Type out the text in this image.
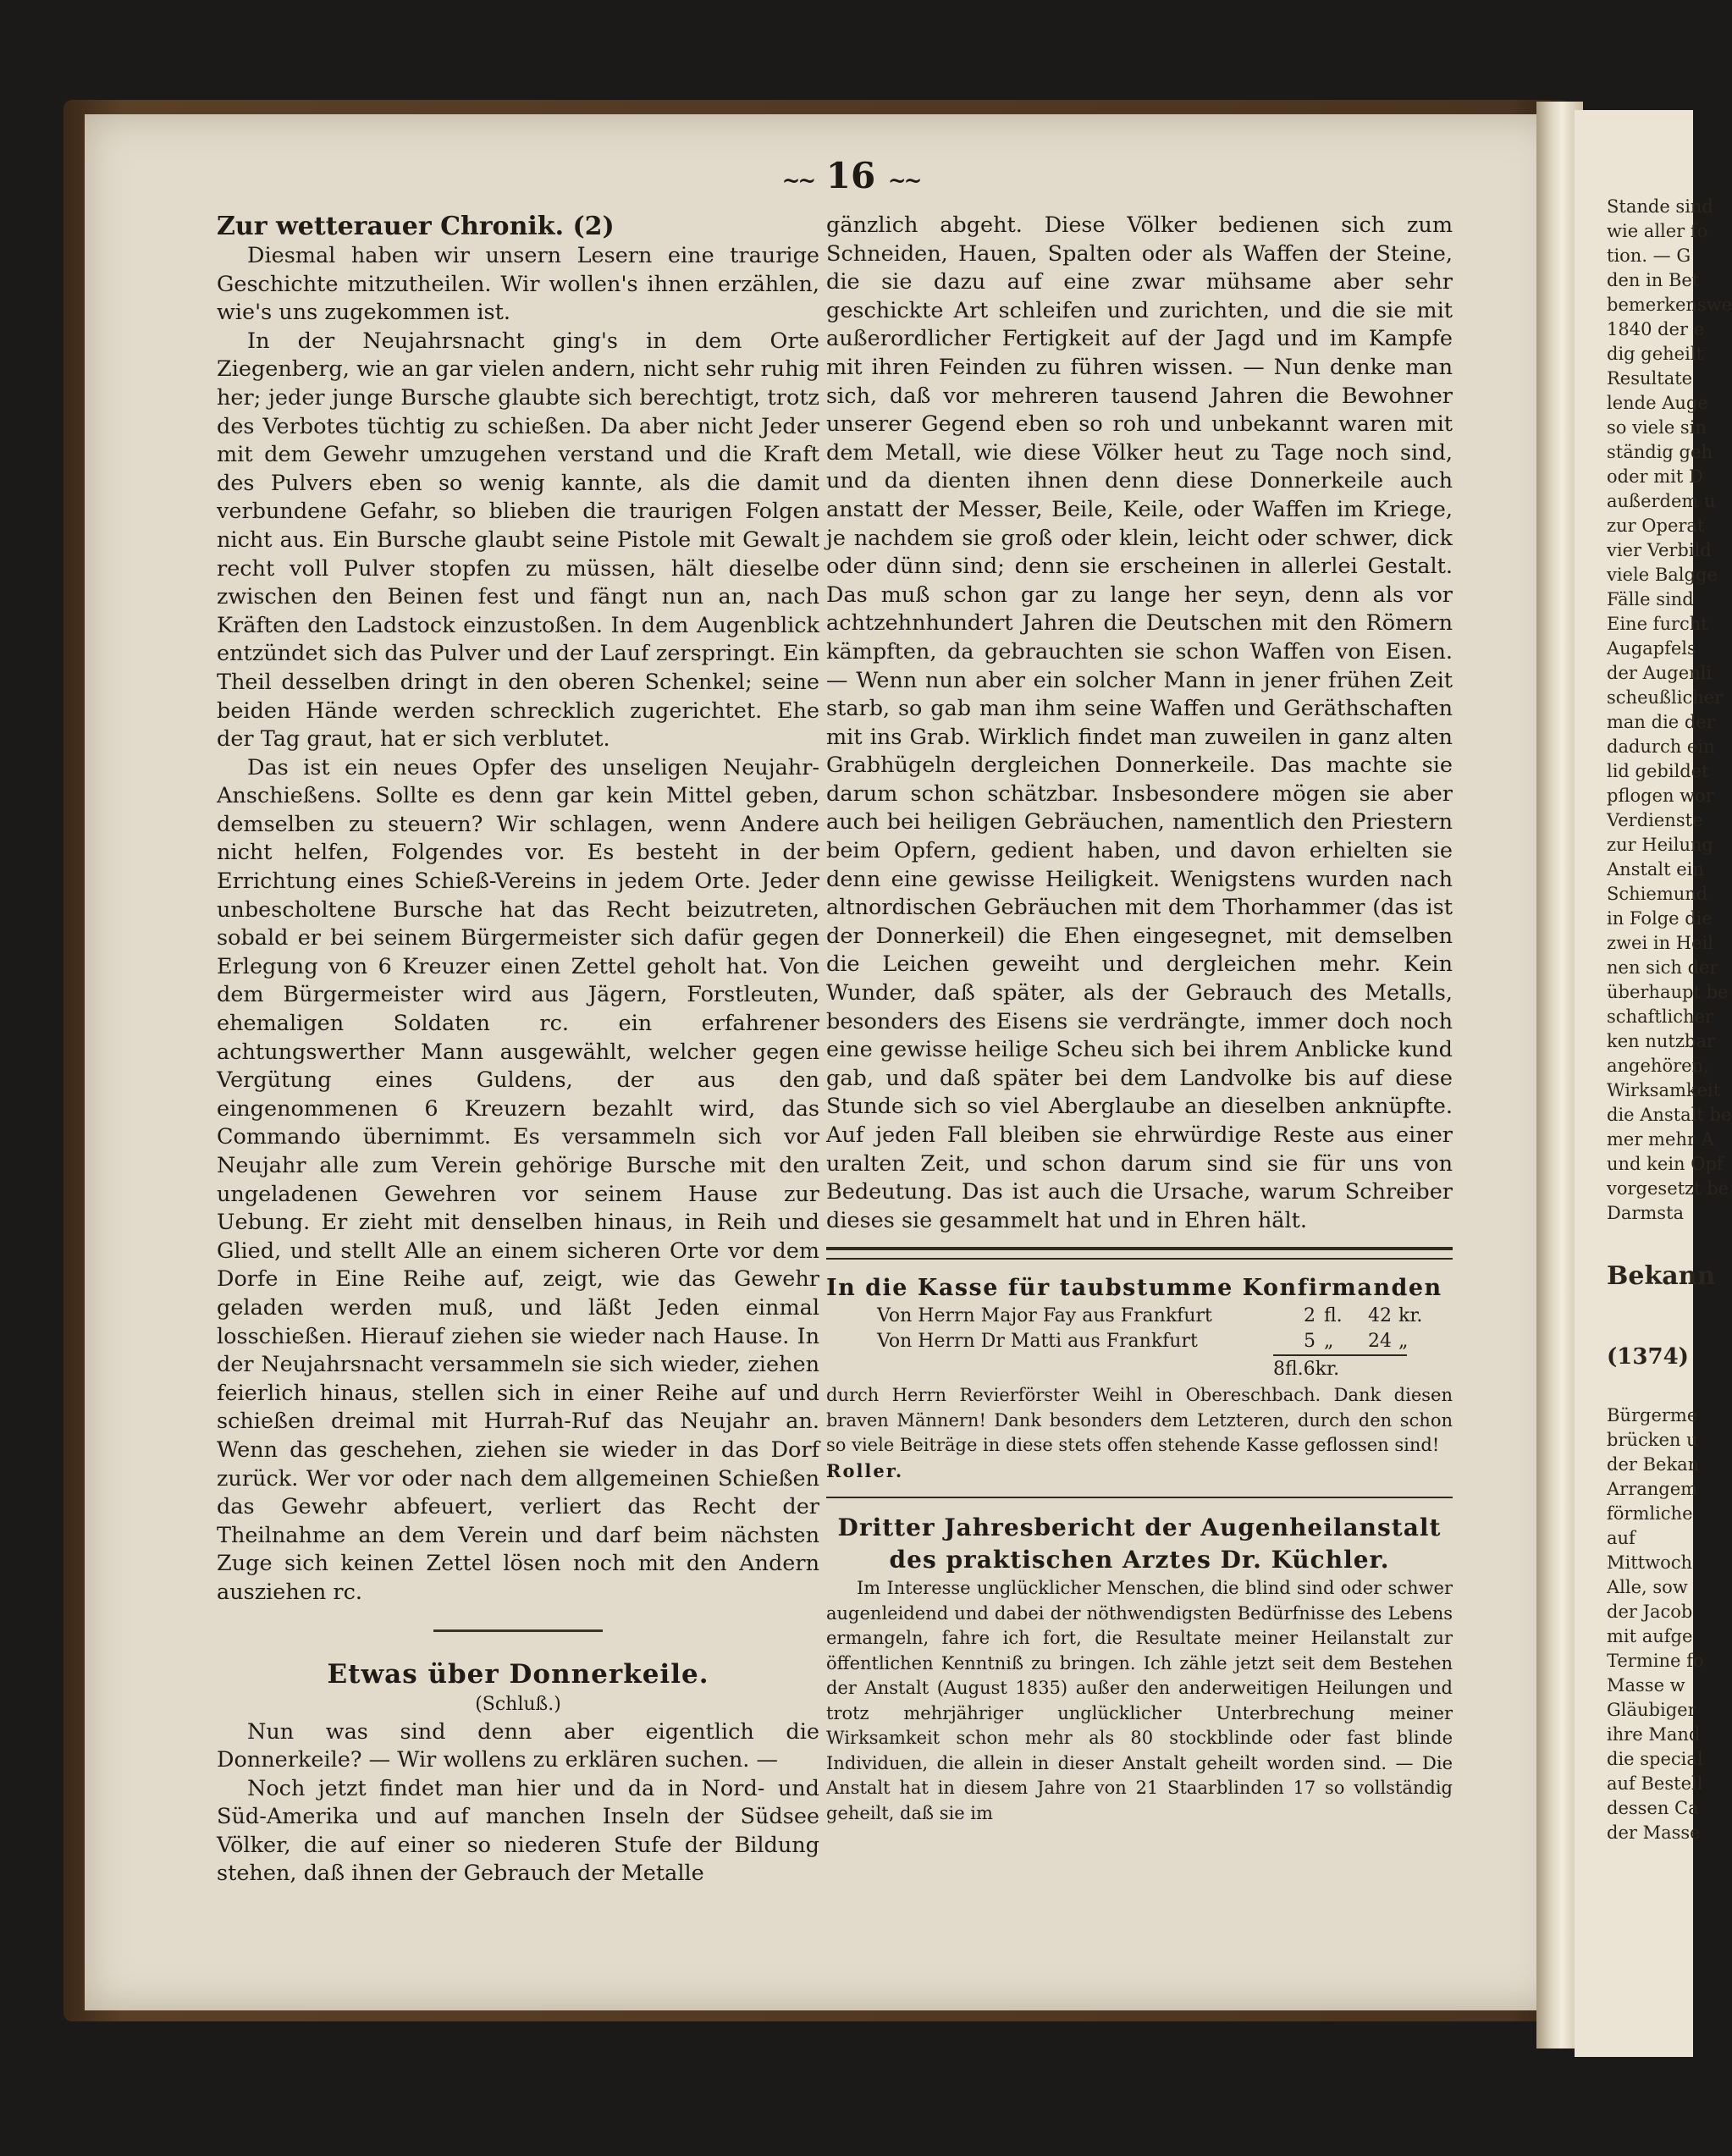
Stande sind
wie aller fo
tion. — G
den in Bet
bemerkenswe
1840 der e
dig geheilt
Resultate
lende Auge
so viele sin
ständig geh
oder mit D
außerdem u
zur Operat
vier Verbild
viele Balgge
Fälle sind
Eine furcht
Augapfels
der Augenli
scheußlicher
man die der
dadurch ein
lid gebildet
pflogen wor
Verdienste
zur Heilung
Anstalt ein
Schiemund
in Folge die
zwei in Heil
nen sich der
überhaupt be
schaftlicher
ken nutzbar
angehören,
Wirksamkeit
die Anstalt be
mer mehr A
und kein Opf
vorgesetzt be
Darmsta
Bekann
(1374)
Bürgerme
brücken u
der Bekan
Arrangem
förmliche
auf
Mittwoch
Alle, sow
der Jacob
mit aufge
Termine fo
Masse w
Gläubiger
ihre Mand
die special
auf Bestell
dessen Ca
der Masse
~~ 16 ~~
Zur wetterauer Chronik. (2)

Diesmal haben wir unsern Lesern eine traurige Geschichte mitzutheilen. Wir wollen's ihnen erzählen, wie's uns zugekommen ist.

In der Neujahrsnacht ging's in dem Orte Ziegenberg, wie an gar vielen andern, nicht sehr ruhig her; jeder junge Bursche glaubte sich berechtigt, trotz des Verbotes tüchtig zu schießen. Da aber nicht Jeder mit dem Gewehr umzugehen verstand und die Kraft des Pulvers eben so wenig kannte, als die damit verbundene Gefahr, so blieben die traurigen Folgen nicht aus. Ein Bursche glaubt seine Pistole mit Gewalt recht voll Pulver stopfen zu müssen, hält dieselbe zwischen den Beinen fest und fängt nun an, nach Kräften den Ladstock einzustoßen. In dem Augenblick entzündet sich das Pulver und der Lauf zerspringt. Ein Theil desselben dringt in den oberen Schenkel; seine beiden Hände werden schrecklich zugerichtet. Ehe der Tag graut, hat er sich verblutet.

Das ist ein neues Opfer des unseligen Neujahr-Anschießens. Sollte es denn gar kein Mittel geben, demselben zu steuern? Wir schlagen, wenn Andere nicht helfen, Folgendes vor. Es besteht in der Errichtung eines Schieß-Vereins in jedem Orte. Jeder unbescholtene Bursche hat das Recht beizutreten, sobald er bei seinem Bürgermeister sich dafür gegen Erlegung von 6 Kreuzer einen Zettel geholt hat. Von dem Bürgermeister wird aus Jägern, Forstleuten, ehemaligen Soldaten rc. ein erfahrener achtungswerther Mann ausgewählt, welcher gegen Vergütung eines Guldens, der aus den eingenommenen 6 Kreuzern bezahlt wird, das Commando übernimmt. Es versammeln sich vor Neujahr alle zum Verein gehörige Bursche mit den ungeladenen Gewehren vor seinem Hause zur Uebung. Er zieht mit denselben hinaus, in Reih und Glied, und stellt Alle an einem sicheren Orte vor dem Dorfe in Eine Reihe auf, zeigt, wie das Gewehr geladen werden muß, und läßt Jeden einmal losschießen. Hierauf ziehen sie wieder nach Hause. In der Neujahrsnacht versammeln sie sich wieder, ziehen feierlich hinaus, stellen sich in einer Reihe auf und schießen dreimal mit Hurrah-Ruf das Neujahr an. Wenn das geschehen, ziehen sie wieder in das Dorf zurück. Wer vor oder nach dem allgemeinen Schießen das Gewehr abfeuert, verliert das Recht der Theilnahme an dem Verein und darf beim nächsten Zuge sich keinen Zettel lösen noch mit den Andern ausziehen rc.

Etwas über Donnerkeile.

(Schluß.)

Nun was sind denn aber eigentlich die Donnerkeile? — Wir wollens zu erklären suchen. —

Noch jetzt findet man hier und da in Nord- und Süd-Amerika und auf manchen Inseln der Südsee Völker, die auf einer so niederen Stufe der Bildung stehen, daß ihnen der Gebrauch der Metalle

gänzlich abgeht. Diese Völker bedienen sich zum Schneiden, Hauen, Spalten oder als Waffen der Steine, die sie dazu auf eine zwar mühsame aber sehr geschickte Art schleifen und zurichten, und die sie mit außerordlicher Fertigkeit auf der Jagd und im Kampfe mit ihren Feinden zu führen wissen. — Nun denke man sich, daß vor mehreren tausend Jahren die Bewohner unserer Gegend eben so roh und unbekannt waren mit dem Metall, wie diese Völker heut zu Tage noch sind, und da dienten ihnen denn diese Donnerkeile auch anstatt der Messer, Beile, Keile, oder Waffen im Kriege, je nachdem sie groß oder klein, leicht oder schwer, dick oder dünn sind; denn sie erscheinen in allerlei Gestalt. Das muß schon gar zu lange her seyn, denn als vor achtzehnhundert Jahren die Deutschen mit den Römern kämpften, da gebrauchten sie schon Waffen von Eisen. — Wenn nun aber ein solcher Mann in jener frühen Zeit starb, so gab man ihm seine Waffen und Geräthschaften mit ins Grab. Wirklich findet man zuweilen in ganz alten Grabhügeln dergleichen Donnerkeile. Das machte sie darum schon schätzbar. Insbesondere mögen sie aber auch bei heiligen Gebräuchen, namentlich den Priestern beim Opfern, gedient haben, und davon erhielten sie denn eine gewisse Heiligkeit. Wenigstens wurden nach altnordischen Gebräuchen mit dem Thorhammer (das ist der Donnerkeil) die Ehen eingesegnet, mit demselben die Leichen geweiht und dergleichen mehr. Kein Wunder, daß später, als der Gebrauch des Metalls, besonders des Eisens sie verdrängte, immer doch noch eine gewisse heilige Scheu sich bei ihrem Anblicke kund gab, und daß später bei dem Landvolke bis auf diese Stunde sich so viel Aberglaube an dieselben anknüpfte. Auf jeden Fall bleiben sie ehrwürdige Reste aus einer uralten Zeit, und schon darum sind sie für uns von Bedeutung. Das ist auch die Ursache, warum Schreiber dieses sie gesammelt hat und in Ehren hält.

In die Kasse für taubstumme Konfirmanden
Von Herrn Major Fay aus Frankfurt	2 fl.	42 kr.
Von Herrn Dr Matti aus Frankfurt	5 „	24 „
8 fl. 6 kr.

durch Herrn Revierförster Weihl in Obereschbach. Dank diesen braven Männern! Dank besonders dem Letzteren, durch den schon so viele Beiträge in diese stets offen stehende Kasse geflossen sind!

Roller.

Dritter Jahresbericht der Augenheilanstalt
des praktischen Arztes Dr. Küchler.

Im Interesse unglücklicher Menschen, die blind sind oder schwer augenleidend und dabei der nöthwendigsten Bedürfnisse des Lebens ermangeln, fahre ich fort, die Resultate meiner Heilanstalt zur öffentlichen Kenntniß zu bringen. Ich zähle jetzt seit dem Bestehen der Anstalt (August 1835) außer den anderweitigen Heilungen und trotz mehrjähriger unglücklicher Unterbrechung meiner Wirksamkeit schon mehr als 80 stockblinde oder fast blinde Individuen, die allein in dieser Anstalt geheilt worden sind. — Die Anstalt hat in diesem Jahre von 21 Staarblinden 17 so vollständig geheilt, daß sie im
